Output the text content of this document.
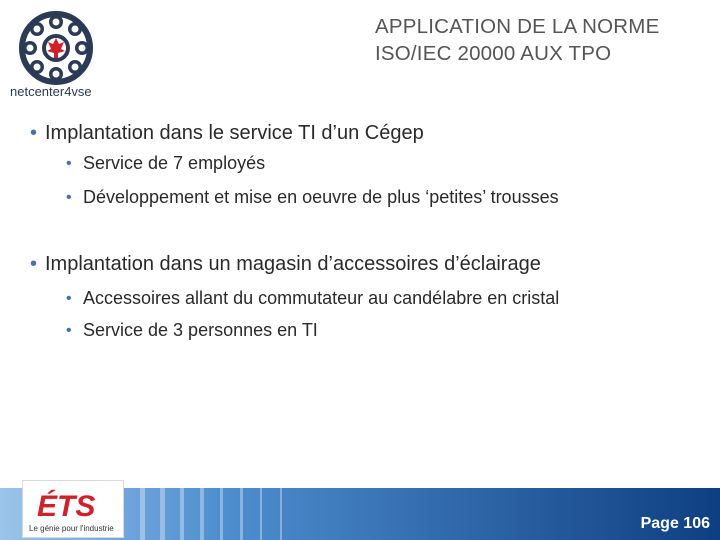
netcenter4vse
APPLICATION DE LA NORME
ISO/IEC 20000 AUX TPO
• Implantation dans le service TI d’un Cégep
• Service de 7 employés
• Développement et mise en oeuvre de plus ‘petites’ trousses
• Implantation dans un magasin d’accessoires d’éclairage
• Accessoires allant du commutateur au candélabre en cristal
• Service de 3 personnes en TI
ÉTS
Le génie pour l'industrie	Page 106
